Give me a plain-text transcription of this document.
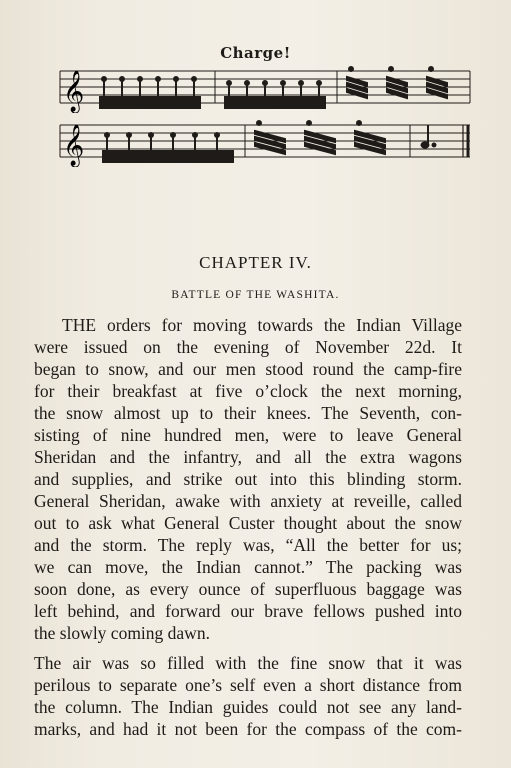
Charge!
𝄞
𝄞
CHAPTER IV.
BATTLE OF THE WASHITA.
THE orders for moving towards the Indian Village
were issued on the evening of November 22d. It
began to snow, and our men stood round the camp-fire
for their breakfast at five o’clock the next morning,
the snow almost up to their knees. The Seventh, con-
sisting of nine hundred men, were to leave General
Sheridan and the infantry, and all the extra wagons
and supplies, and strike out into this blinding storm.
General Sheridan, awake with anxiety at reveille, called
out to ask what General Custer thought about the snow
and the storm. The reply was, “All the better for us;
we can move, the Indian cannot.” The packing was
soon done, as every ounce of superfluous baggage was
left behind, and forward our brave fellows pushed into
the slowly coming dawn.
The air was so filled with the fine snow that it was
perilous to separate one’s self even a short distance from
the column. The Indian guides could not see any land-
marks, and had it not been for the compass of the com-
